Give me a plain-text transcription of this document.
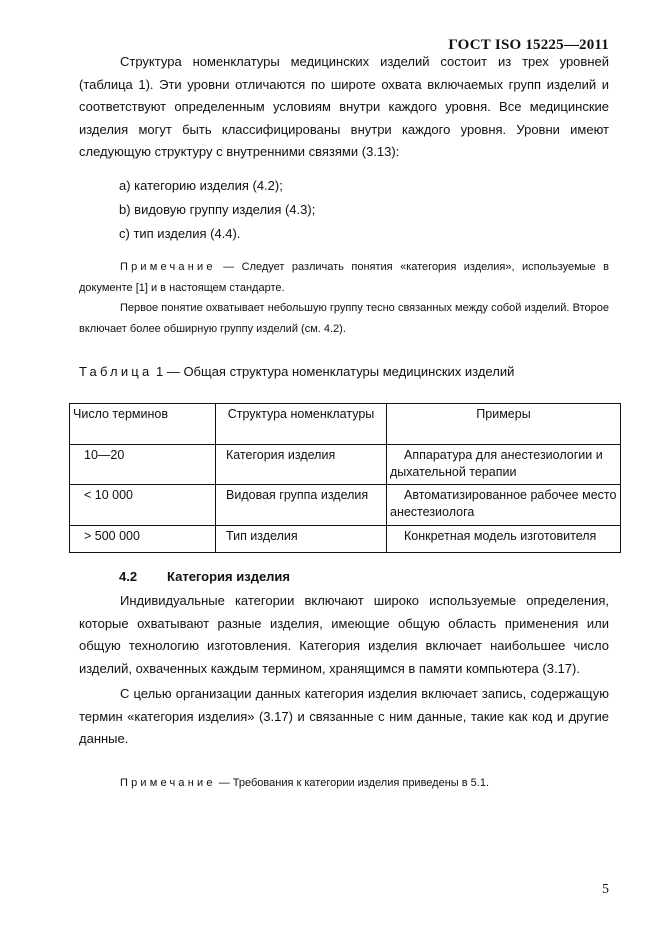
ГОСТ ISO 15225—2011

Структура номенклатуры медицинских изделий состоит из трех уровней (таблица 1). Эти уровни отличаются по широте охвата включаемых групп изделий и соответствуют определенным условиям внутри каждого уровня. Все медицинские изделия могут быть классифицированы внутри каждого уровня. Уровни имеют следующую структуру с внутренними связями (3.13):

a) категорию изделия (4.2);
b) видовую группу изделия (4.3);
c) тип изделия (4.4).

Примечание — Следует различать понятия «категория изделия», используемые в документе [1] и в настоящем стандарте.

Первое понятие охватывает небольшую группу тесно связанных между собой изделий. Второе включает более обширную группу изделий (см. 4.2).

Таблица 1 — Общая структура номенклатуры медицинских изделий
Число терминов	Структура номенклатуры	Примеры
10—20	Категория изделия	Аппаратура для анестезиологии и дыхательной терапии
< 10 000	Видовая группа изделия	Автоматизированное рабочее место анестезиолога
> 500 000	Тип изделия	Конкретная модель изготовителя
4.2 Категория изделия

Индивидуальные категории включают широко используемые определения, которые охватывают разные изделия, имеющие общую область применения или общую технологию изготовления. Категория изделия включает наибольшее число изделий, охваченных каждым термином, хранящимся в памяти компьютера (3.17).

С целью организации данных категория изделия включает запись, содержащую термин «категория изделия» (3.17) и связанные с ним данные, такие как код и другие данные.

Примечание — Требования к категории изделия приведены в 5.1.

5
